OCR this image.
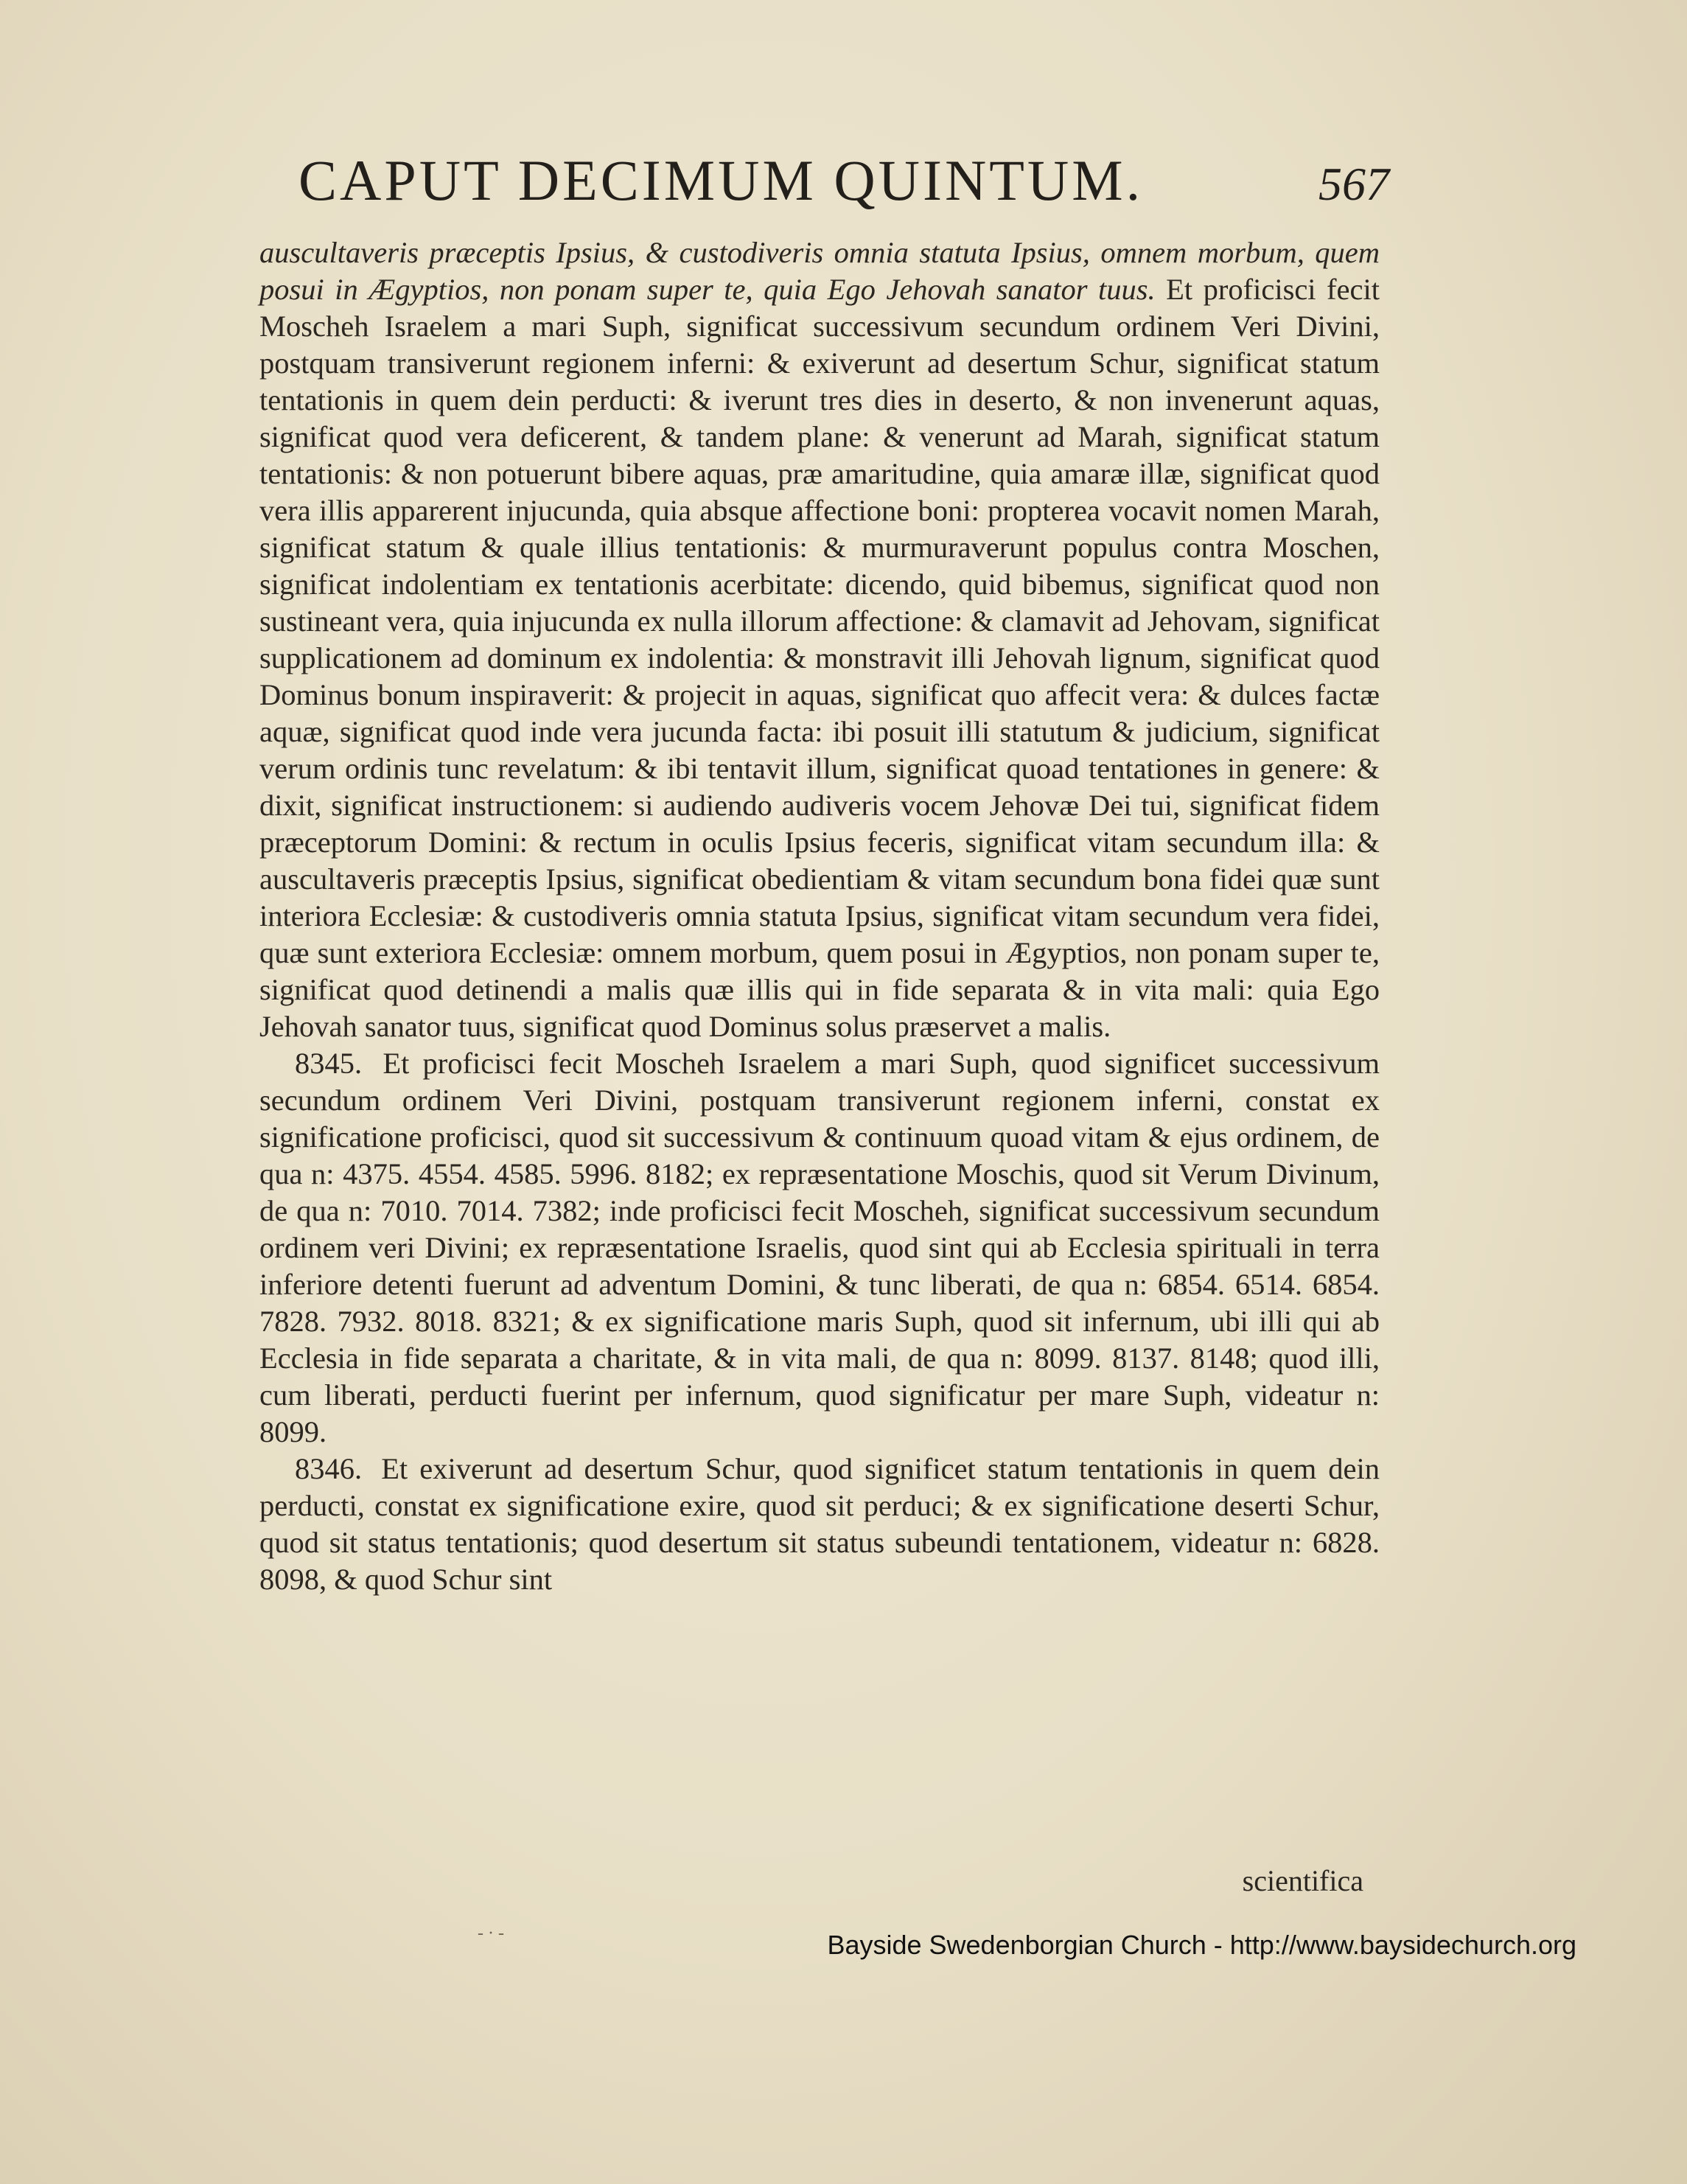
CAPUT DECIMUM QUINTUM.	567

auscultaveris præceptis Ipsius, & custodiveris omnia statuta Ipsius, omnem morbum, quem posui in Ægyptios, non ponam super te, quia Ego Jehovah sanator tuus. Et proficisci fecit Moscheh Israelem a mari Suph, significat successivum secundum ordinem Veri Divini, postquam transiverunt regionem inferni: & exiverunt ad desertum Schur, significat statum tentationis in quem dein perducti: & iverunt tres dies in deserto, & non invenerunt aquas, significat quod vera deficerent, & tandem plane: & venerunt ad Marah, significat statum tentationis: & non potuerunt bibere aquas, præ amaritudine, quia amaræ illæ, significat quod vera illis apparerent injucunda, quia absque affectione boni: propterea vocavit nomen Marah, significat statum & quale illius tentationis: & murmuraverunt populus contra Moschen, significat indolentiam ex tentationis acerbitate: dicendo, quid bibemus, significat quod non sustineant vera, quia injucunda ex nulla illorum affectione: & clamavit ad Jehovam, significat supplicationem ad dominum ex indolentia: & monstravit illi Jehovah lignum, significat quod Dominus bonum inspiraverit: & projecit in aquas, significat quo affecit vera: & dulces factæ aquæ, significat quod inde vera jucunda facta: ibi posuit illi statutum & judicium, significat verum ordinis tunc revelatum: & ibi tentavit illum, significat quoad tentationes in genere: & dixit, significat instructionem: si audiendo audiveris vocem Jehovæ Dei tui, significat fidem præceptorum Domini: & rectum in oculis Ipsius feceris, significat vitam secundum illa: & auscultaveris præceptis Ipsius, significat obedientiam & vitam secundum bona fidei quæ sunt interiora Ecclesiæ: & custodiveris omnia statuta Ipsius, significat vitam secundum vera fidei, quæ sunt exteriora Ecclesiæ: omnem morbum, quem posui in Ægyptios, non ponam super te, significat quod detinendi a malis quæ illis qui in fide separata & in vita mali: quia Ego Jehovah sanator tuus, significat quod Dominus solus præservet a malis.

8345. Et proficisci fecit Moscheh Israelem a mari Suph, quod significet successivum secundum ordinem Veri Divini, postquam transiverunt regionem inferni, constat ex significatione proficisci, quod sit successivum & continuum quoad vitam & ejus ordinem, de qua n: 4375. 4554. 4585. 5996. 8182; ex repræsentatione Moschis, quod sit Verum Divinum, de qua n: 7010. 7014. 7382; inde proficisci fecit Moscheh, significat successivum secundum ordinem veri Divini; ex repræsentatione Israelis, quod sint qui ab Ecclesia spirituali in terra inferiore detenti fuerunt ad adventum Domini, & tunc liberati, de qua n: 6854. 6514. 6854. 7828. 7932. 8018. 8321; & ex significatione maris Suph, quod sit infernum, ubi illi qui ab Ecclesia in fide separata a charitate, & in vita mali, de qua n: 8099. 8137. 8148; quod illi, cum liberati, perducti fuerint per infernum, quod significatur per mare Suph, videatur n: 8099.

8346. Et exiverunt ad desertum Schur, quod significet statum tentationis in quem dein perducti, constat ex significatione exire, quod sit perduci; & ex significatione deserti Schur, quod sit status tentationis; quod desertum sit status subeundi tentationem, videatur n: 6828. 8098, & quod Schur sint

scientifica
- · -	Bayside Swedenborgian Church - http://www.baysidechurch.org
